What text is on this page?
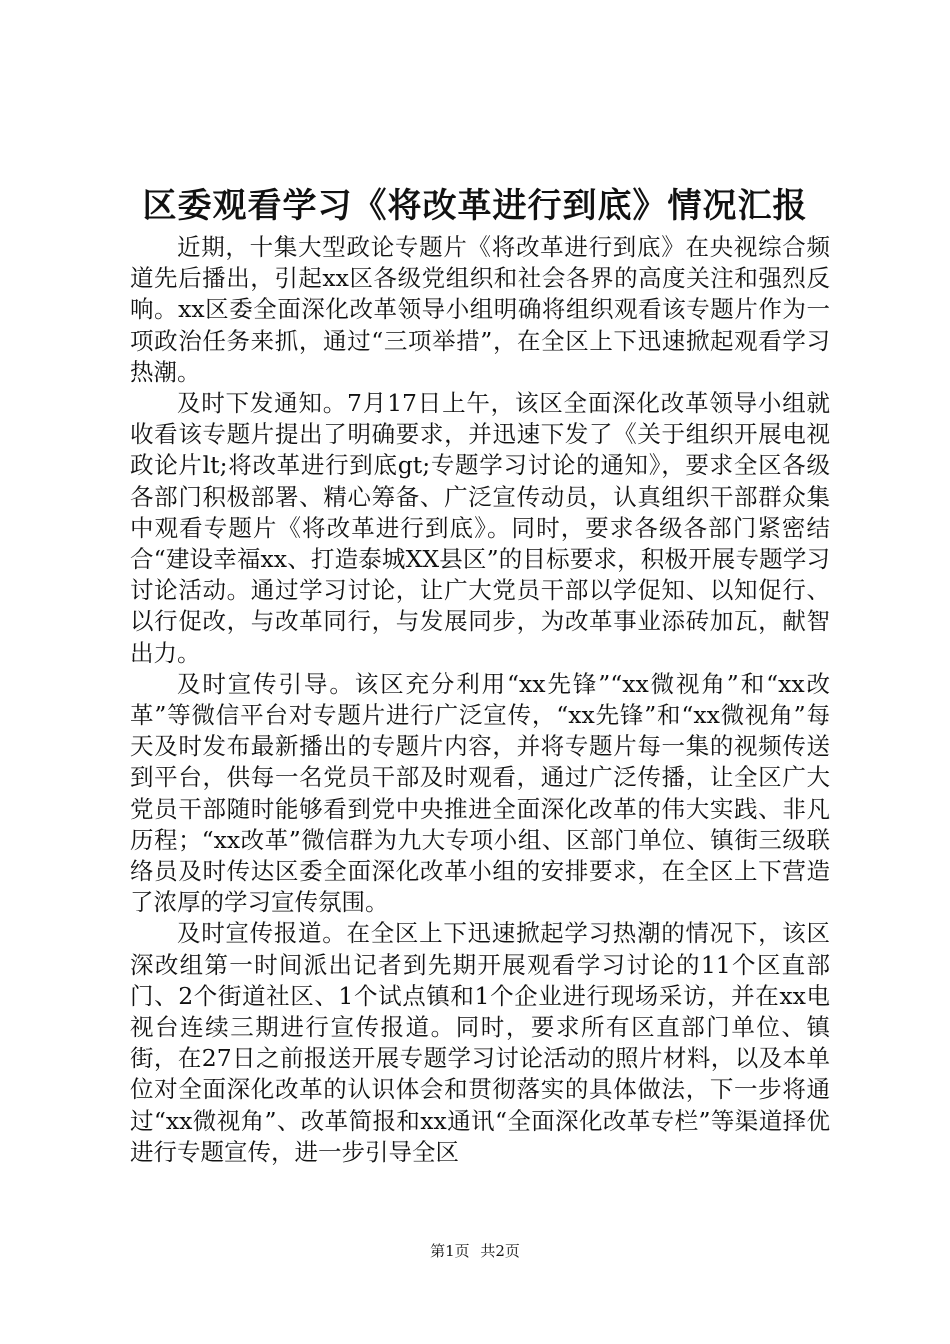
区委观看学习《将改革进行到底》情况汇报

近期，十集大型政论专题片《将改革进行到底》在央视综合频道先后播出，引起xx区各级党组织和社会各界的高度关注和强烈反响。xx区委全面深化改革领导小组明确将组织观看该专题片作为一项政治任务来抓，通过“三项举措”，在全区上下迅速掀起观看学习热潮。

及时下发通知。7月17日上午，该区全面深化改革领导小组就收看该专题片提出了明确要求，并迅速下发了《关于组织开展电视政论片lt;将改革进行到底gt;专题学习讨论的通知》，要求全区各级各部门积极部署、精心筹备、广泛宣传动员，认真组织干部群众集中观看专题片《将改革进行到底》。同时，要求各级各部门紧密结合“建设幸福xx、打造泰城XX县区”的目标要求，积极开展专题学习讨论活动。通过学习讨论，让广大党员干部以学促知、以知促行、以行促改，与改革同行，与发展同步，为改革事业添砖加瓦，献智出力。

及时宣传引导。该区充分利用“xx先锋”“xx微视角”和“xx改革”等微信平台对专题片进行广泛宣传，“xx先锋”和“xx微视角”每天及时发布最新播出的专题片内容，并将专题片每一集的视频传送到平台，供每一名党员干部及时观看，通过广泛传播，让全区广大党员干部随时能够看到党中央推进全面深化改革的伟大实践、非凡历程；“xx改革”微信群为九大专项小组、区部门单位、镇街三级联络员及时传达区委全面深化改革小组的安排要求，在全区上下营造了浓厚的学习宣传氛围。

及时宣传报道。在全区上下迅速掀起学习热潮的情况下，该区深改组第一时间派出记者到先期开展观看学习讨论的11个区直部门、2个街道社区、1个试点镇和1个企业进行现场采访，并在xx电视台连续三期进行宣传报道。同时，要求所有区直部门单位、镇街，在27日之前报送开展专题学习讨论活动的照片材料，以及本单位对全面深化改革的认识体会和贯彻落实的具体做法，下一步将通过“xx微视角”、改革简报和xx通讯“全面深化改革专栏”等渠道择优进行专题宣传，进一步引导全区

第1页 共2页
